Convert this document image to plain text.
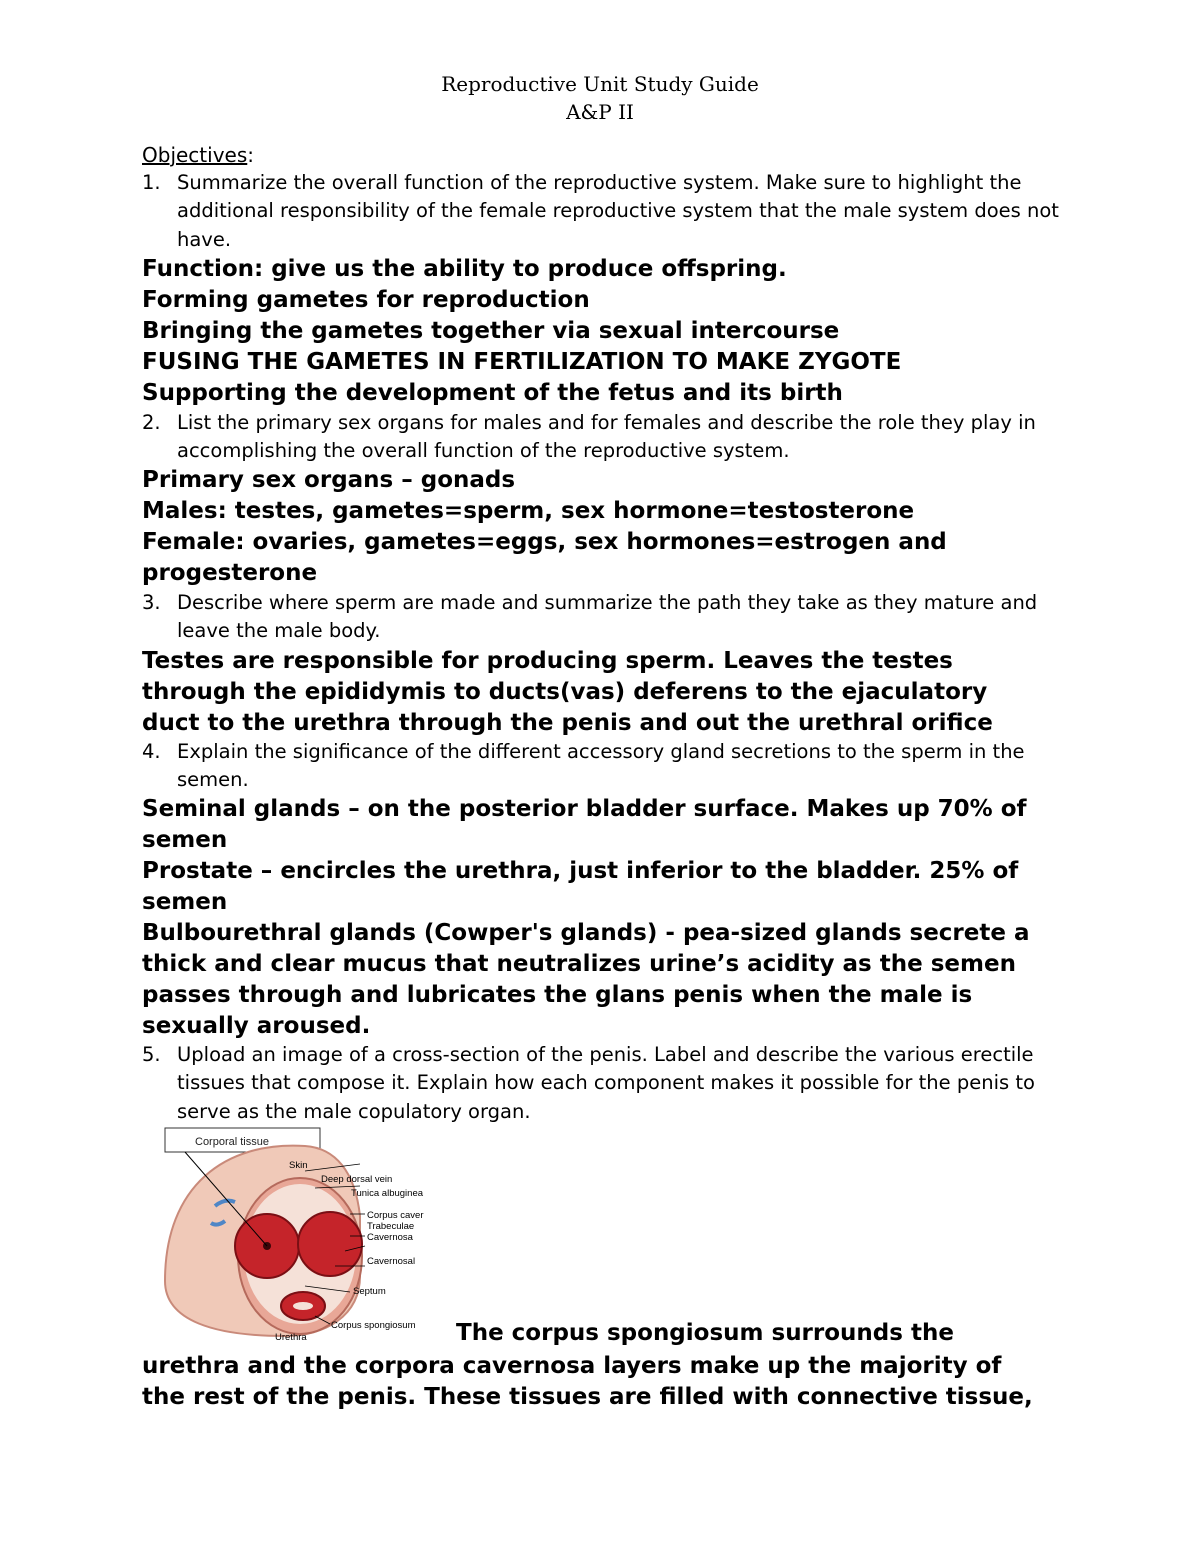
Reproductive Unit Study Guide
A&P II
Objectives:
1. Summarize the overall function of the reproductive system. Make sure to highlight the additional responsibility of the female reproductive system that the male system does not have.
Function: give us the ability to produce offspring.
Forming gametes for reproduction
Bringing the gametes together via sexual intercourse
FUSING THE GAMETES IN FERTILIZATION TO MAKE ZYGOTE
Supporting the development of the fetus and its birth
2. List the primary sex organs for males and for females and describe the role they play in accomplishing the overall function of the reproductive system.
Primary sex organs – gonads
Males: testes, gametes=sperm, sex hormone=testosterone
Female: ovaries, gametes=eggs, sex hormones=estrogen and
progesterone
3. Describe where sperm are made and summarize the path they take as they mature and leave the male body.
Testes are responsible for producing sperm. Leaves the testes
through the epididymis to ducts(vas) deferens to the ejaculatory
duct to the urethra through the penis and out the urethral orifice
4. Explain the significance of the different accessory gland secretions to the sperm in the semen.
Seminal glands – on the posterior bladder surface. Makes up 70% of
semen
Prostate – encircles the urethra, just inferior to the bladder. 25% of
semen
Bulbourethral glands (Cowper's glands) - pea-sized glands secrete a
thick and clear mucus that neutralizes urine’s acidity as the semen
passes through and lubricates the glans penis when the male is
sexually aroused.
5. Upload an image of a cross-section of the penis. Label and describe the various erectile tissues that compose it. Explain how each component makes it possible for the penis to serve as the male copulatory organ.
Corporal tissue
Skin
Deep dorsal vein
Tunica albuginea
Corpus caver
Trabeculae
Cavernosa
Cavernosal
Septum
Corpus spongiosum
Urethra	The corpus spongiosum surrounds the
urethra and the corpora cavernosa layers make up the majority of
the rest of the penis. These tissues are filled with connective tissue,
